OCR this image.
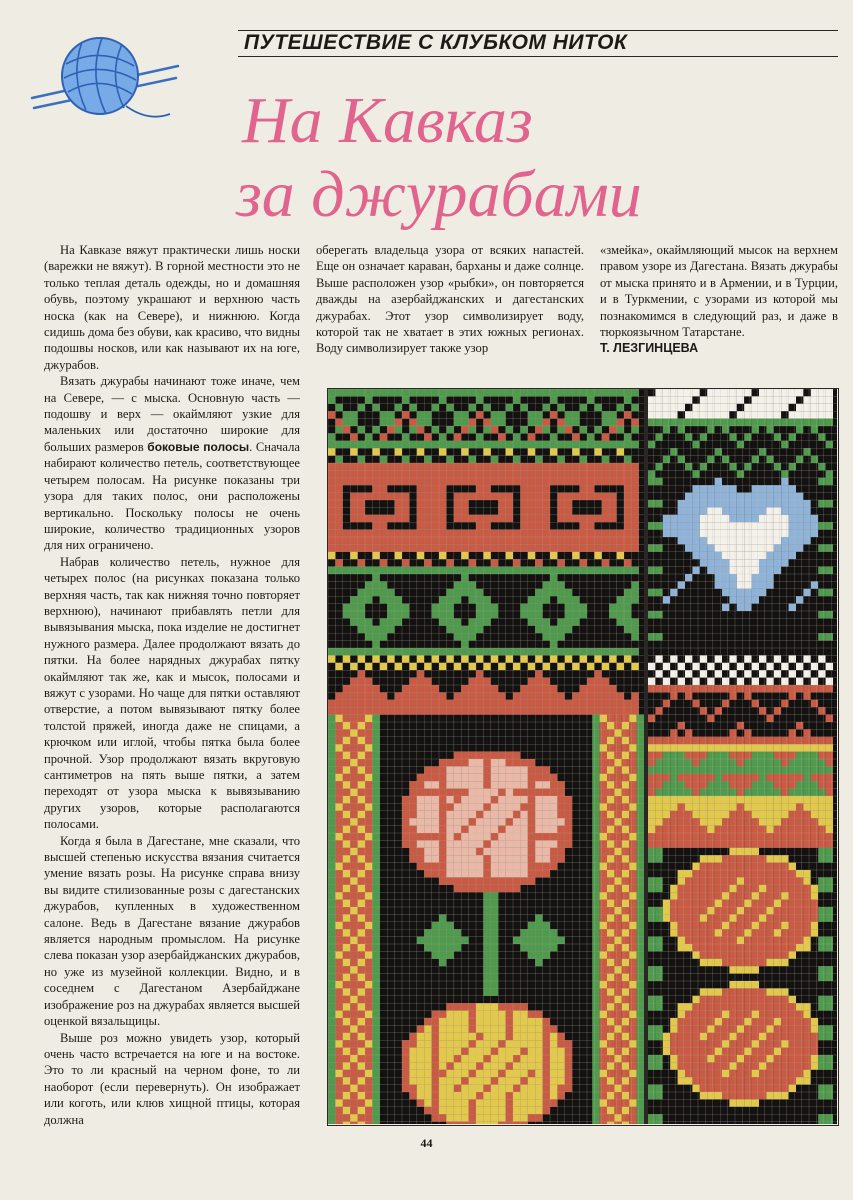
ПУТЕШЕСТВИЕ С КЛУБКОМ НИТОК
На Кавказ
за джурабами

На Кавказе вяжут практически лишь носки (варежки не вяжут). В горной местности это не только теплая деталь одежды, но и домашняя обувь, поэтому украшают и верхнюю часть носка (как на Севере), и нижнюю. Когда сидишь дома без обуви, как красиво, что видны подошвы носков, или как называют их на юге, джурабов.

Вязать джурабы начинают тоже иначе, чем на Севере, — с мыска. Основную часть — подошву и верх — окаймляют узкие для маленьких или достаточно широкие для больших размеров боковые полосы. Сначала набирают количество петель, соответствующее четырем полосам. На рисунке показаны три узора для таких полос, они расположены вертикально. Поскольку полосы не очень широкие, количество традиционных узоров для них ограничено.

Набрав количество петель, нужное для четырех полос (на рисунках показана только верхняя часть, так как нижняя точно повторяет верхнюю), начинают прибавлять петли для вывязывания мыска, пока изделие не достигнет нужного размера. Далее продолжают вязать до пятки. На более нарядных джурабах пятку окаймляют так же, как и мысок, полосами и вяжут с узорами. Но чаще для пятки оставляют отверстие, а потом вывязывают пятку более толстой пряжей, иногда даже не спицами, а крючком или иглой, чтобы пятка была более прочной. Узор продолжают вязать вкруговую сантиметров на пять выше пятки, а затем переходят от узора мыска к вывязыванию других узоров, которые располагаются полосами.

Когда я была в Дагестане, мне сказали, что высшей степенью искусства вязания считается умение вязать розы. На рисунке справа внизу вы видите стилизованные розы с дагестанских джурабов, купленных в художественном салоне. Ведь в Дагестане вязание джурабов является народным промыслом. На рисунке слева показан узор азербайджанских джурабов, но уже из музейной коллекции. Видно, и в соседнем с Дагестаном Азербайджане изображение роз на джурабах является высшей оценкой вязальщицы.

Выше роз можно увидеть узор, который очень часто встречается на юге и на востоке. Это то ли красный на черном фоне, то ли наоборот (если перевернуть). Он изображает или коготь, или клюв хищной птицы, которая должна

оберегать владельца узора от всяких напастей. Еще он означает караван, барханы и даже солнце. Выше расположен узор «рыбки», он повторяется дважды на азербайджанских и дагестанских джурабах. Этот узор символизирует воду, которой так не хватает в этих южных регионах. Воду символизирует также узор

«змейка», окаймляющий мысок на верхнем правом узоре из Дагестана. Вязать джурабы от мыска принято и в Армении, и в Турции, и в Туркмении, с узорами из которой мы познакомимся в следующий раз, и даже в тюркоязычном Татарстане.

Т. ЛЕЗГИНЦЕВА
44
